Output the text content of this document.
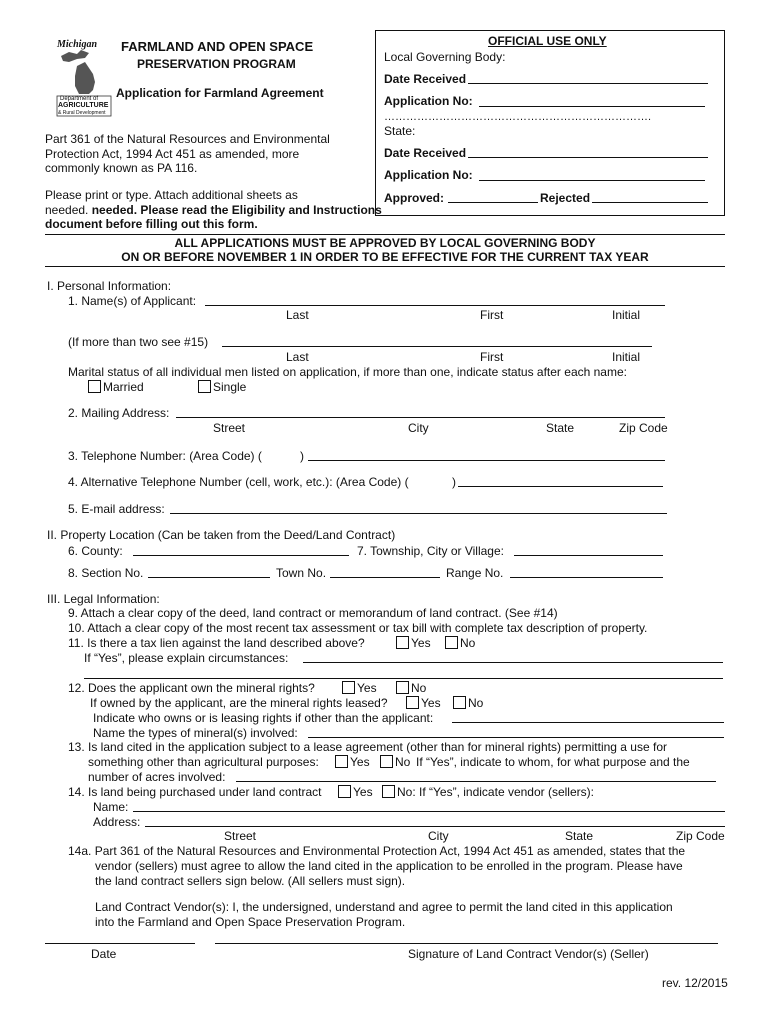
Michigan
Department of
AGRICULTURE
& Rural Development
FARMLAND AND OPEN SPACE
PRESERVATION PROGRAM
Application for Farmland Agreement
Part 361 of the Natural Resources and Environmental
Protection Act, 1994 Act 451 as amended, more
commonly known as PA 116.
Please print or type. Attach additional sheets as
needed. needed. Please read the Eligibility and Instructions
document before filling out this form.
OFFICIAL USE ONLY
Local Governing Body:
Date Received
Application No:
……………………………………………………………….
State:
Date Received
Application No:
Approved:	Rejected
ALL APPLICATIONS MUST BE APPROVED BY LOCAL GOVERNING BODY
ON OR BEFORE NOVEMBER 1 IN ORDER TO BE EFFECTIVE FOR THE CURRENT TAX YEAR
I. Personal Information:
1. Name(s) of Applicant:
Last	First	Initial
(If more than two see #15)
Last	First	Initial
Marital status of all individual men listed on application, if more than one, indicate status after each name:
Married	Single
2. Mailing Address:
Street	City	State	Zip Code
3. Telephone Number: (Area Code) (	)
4. Alternative Telephone Number (cell, work, etc.): (Area Code) (	)
5. E-mail address:
II. Property Location (Can be taken from the Deed/Land Contract)
6. County:	7. Township, City or Village:
8. Section No.	Town No.	Range No.
III. Legal Information:
9. Attach a clear copy of the deed, land contract or memorandum of land contract. (See #14)
10. Attach a clear copy of the most recent tax assessment or tax bill with complete tax description of property.
11. Is there a tax lien against the land described above?	Yes	No
If “Yes”, please explain circumstances:
12. Does the applicant own the mineral rights?	Yes	No
If owned by the applicant, are the mineral rights leased?	Yes	No
Indicate who owns or is leasing rights if other than the applicant:
Name the types of mineral(s) involved:
13. Is land cited in the application subject to a lease agreement (other than for mineral rights) permitting a use for
something other than agricultural purposes:	Yes	No If “Yes”, indicate to whom, for what purpose and the
number of acres involved:
14. Is land being purchased under land contract	Yes	No: If “Yes”, indicate vendor (sellers):
Name:
Address:
Street	City	State	Zip Code
14a. Part 361 of the Natural Resources and Environmental Protection Act, 1994 Act 451 as amended, states that the
vendor (sellers) must agree to allow the land cited in the application to be enrolled in the program. Please have
the land contract sellers sign below. (All sellers must sign).
Land Contract Vendor(s): I, the undersigned, understand and agree to permit the land cited in this application
into the Farmland and Open Space Preservation Program.
Date	Signature of Land Contract Vendor(s) (Seller)
rev. 12/2015
